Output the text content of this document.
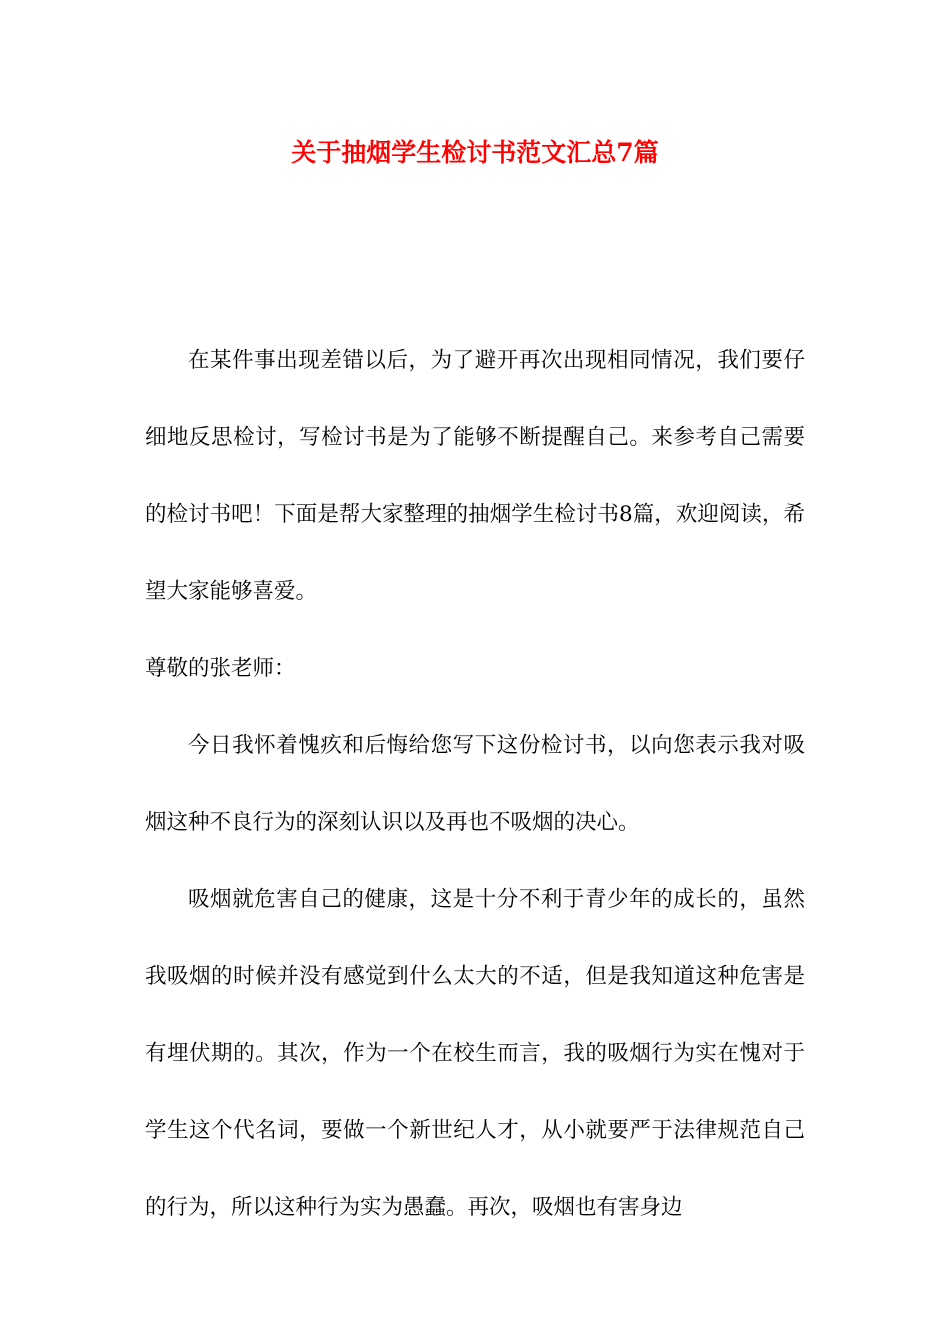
关于抽烟学生检讨书范文汇总7篇

在某件事出现差错以后，为了避开再次出现相同情况，我们要仔细地反思检讨，写检讨书是为了能够不断提醒自己。来参考自己需要的检讨书吧！下面是帮大家整理的抽烟学生检讨书8篇，欢迎阅读，希望大家能够喜爱。

尊敬的张老师：

今日我怀着愧疚和后悔给您写下这份检讨书，以向您表示我对吸烟这种不良行为的深刻认识以及再也不吸烟的决心。

吸烟就危害自己的健康，这是十分不利于青少年的成长的，虽然我吸烟的时候并没有感觉到什么太大的不适，但是我知道这种危害是有埋伏期的。其次，作为一个在校生而言，我的吸烟行为实在愧对于学生这个代名词，要做一个新世纪人才，从小就要严于法律规范自己的行为，所以这种行为实为愚蠢。再次，吸烟也有害身边
